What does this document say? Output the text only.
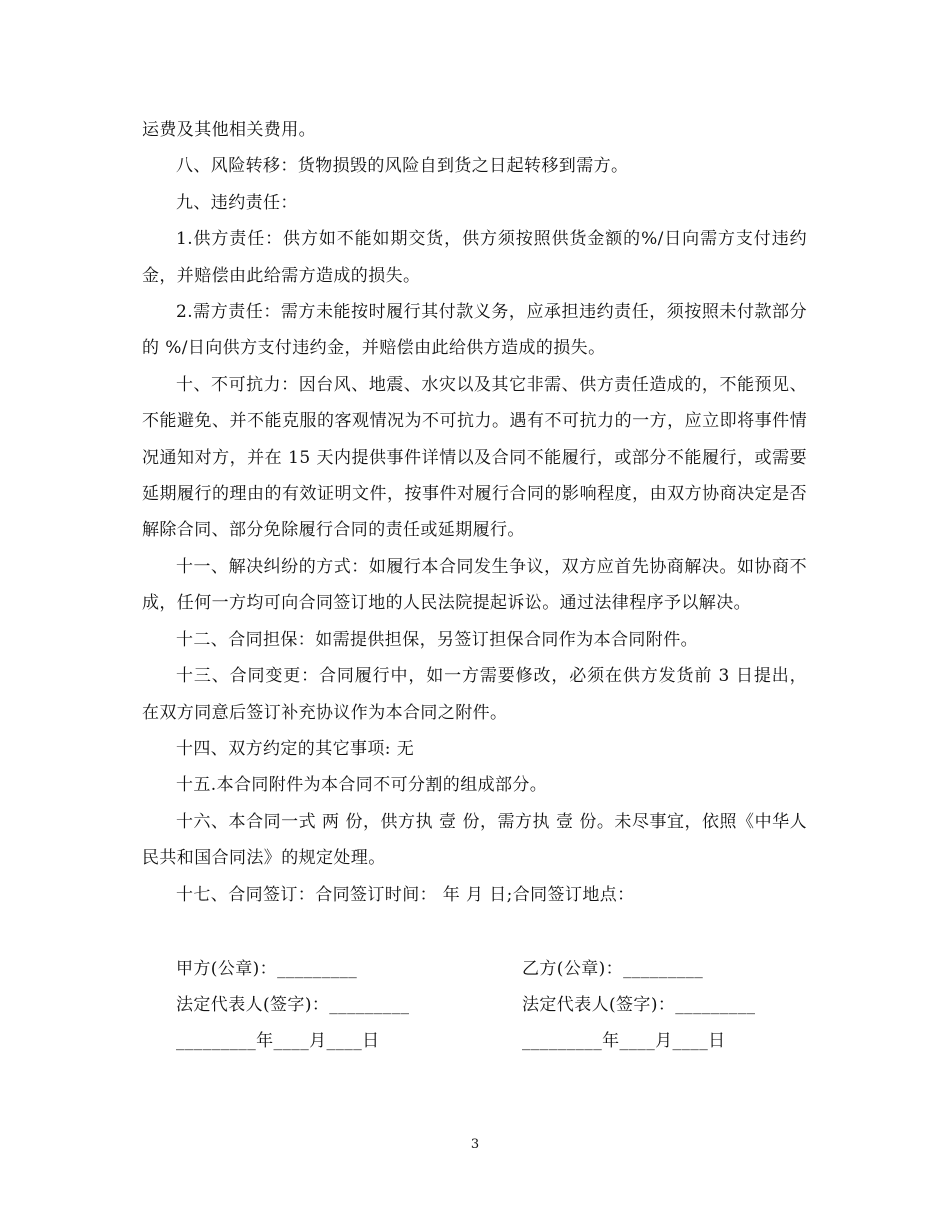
运费及其他相关费用。

八、风险转移：货物损毁的风险自到货之日起转移到需方。

九、违约责任：

1.供方责任：供方如不能如期交货，供方须按照供货金额的%/日向需方支付违约金，并赔偿由此给需方造成的损失。

2.需方责任：需方未能按时履行其付款义务，应承担违约责任，须按照未付款部分的 %/日向供方支付违约金，并赔偿由此给供方造成的损失。

十、不可抗力：因台风、地震、水灾以及其它非需、供方责任造成的，不能预见、不能避免、并不能克服的客观情况为不可抗力。遇有不可抗力的一方，应立即将事件情况通知对方，并在 15 天内提供事件详情以及合同不能履行，或部分不能履行，或需要延期履行的理由的有效证明文件，按事件对履行合同的影响程度，由双方协商决定是否解除合同、部分免除履行合同的责任或延期履行。

十一、解决纠纷的方式：如履行本合同发生争议，双方应首先协商解决。如协商不成，任何一方均可向合同签订地的人民法院提起诉讼。通过法律程序予以解决。

十二、合同担保：如需提供担保，另签订担保合同作为本合同附件。

十三、合同变更：合同履行中，如一方需要修改，必须在供方发货前 3 日提出，在双方同意后签订补充协议作为本合同之附件。

十四、双方约定的其它事项: 无

十五.本合同附件为本合同不可分割的组成部分。

十六、本合同一式 两 份，供方执 壹 份，需方执 壹 份。未尽事宜，依照《中华人民共和国合同法》的规定处理。

十七、合同签订：合同签订时间： 年 月 日;合同签订地点：

甲方(公章)：_________	乙方(公章)：_________
法定代表人(签字)：_________	法定代表人(签字)：_________
_________年____月____日	_________年____月____日
3
